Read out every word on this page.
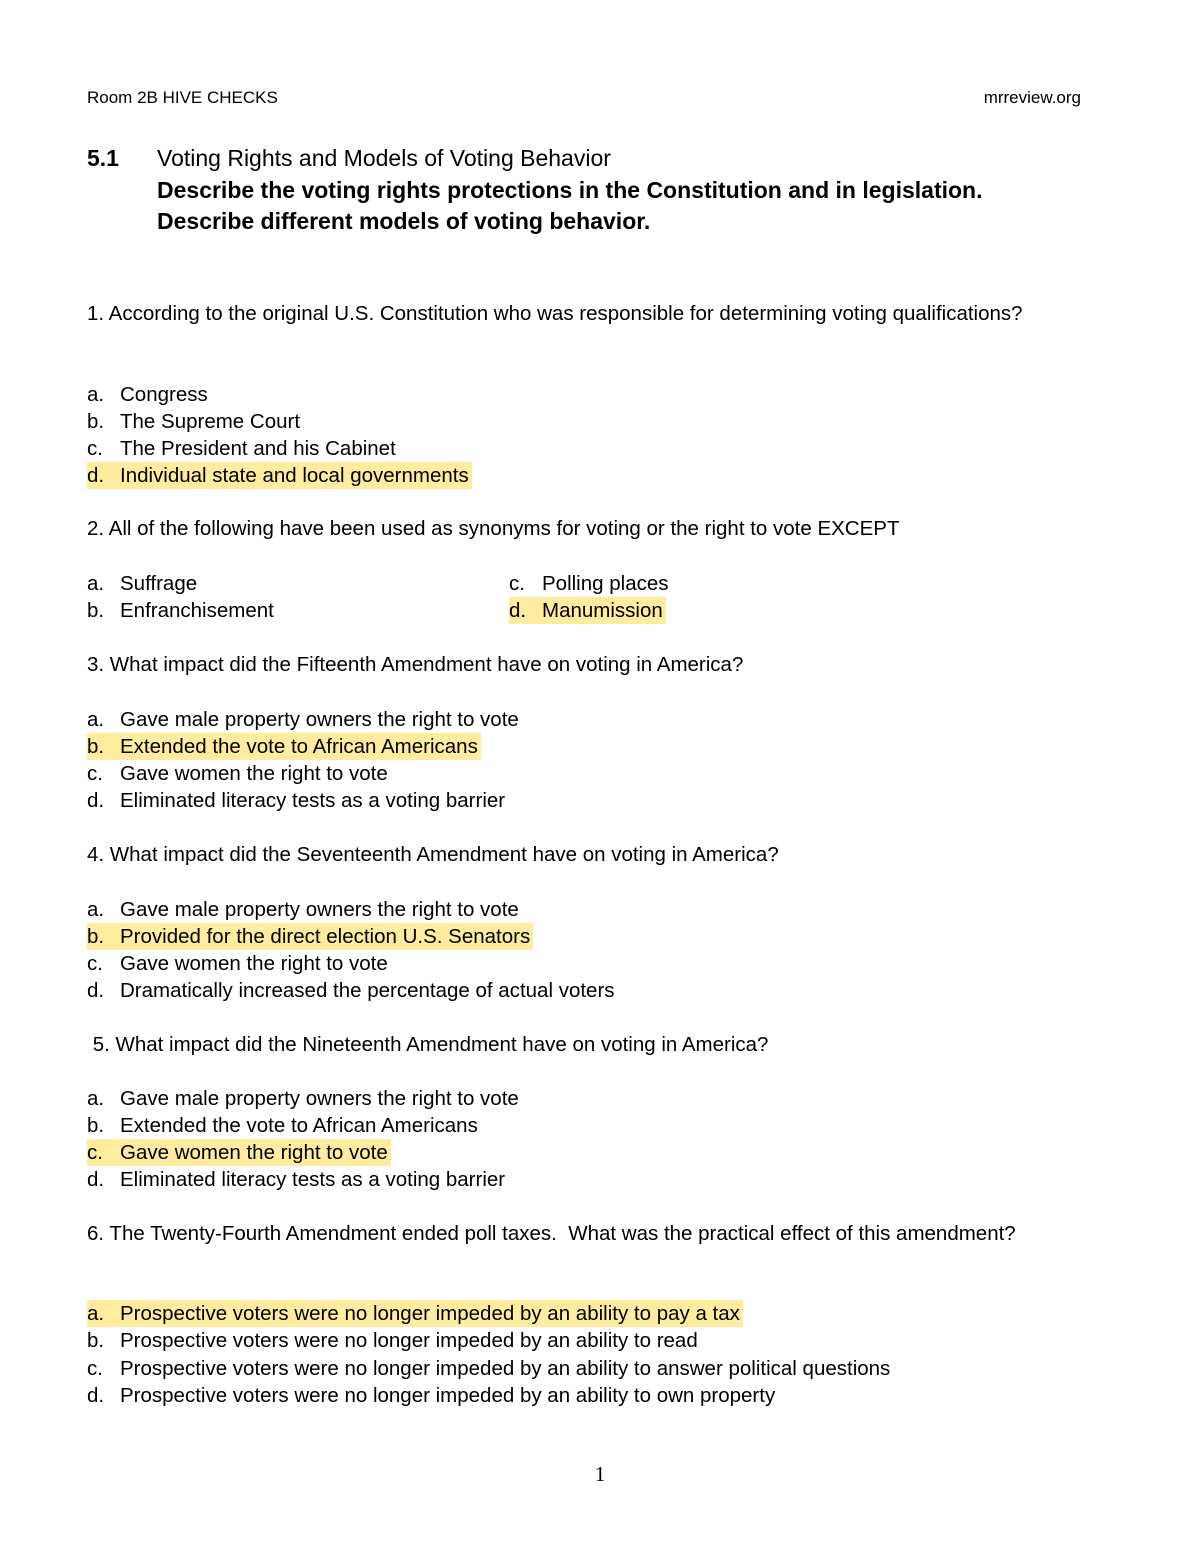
Room 2B HIVE CHECKS	mrreview.org
5.1 Voting Rights and Models of Voting Behavior
Describe the voting rights protections in the Constitution and in legislation.
Describe different models of voting behavior.
1. According to the original U.S. Constitution who was responsible for determining voting qualifications?
a. Congress
b. The Supreme Court
c. The President and his Cabinet
d. Individual state and local governments
2. All of the following have been used as synonyms for voting or the right to vote EXCEPT
a. Suffrage
b. Enfranchisement
c. Polling places
d. Manumission
3. What impact did the Fifteenth Amendment have on voting in America?
a. Gave male property owners the right to vote
b. Extended the vote to African Americans
c. Gave women the right to vote
d. Eliminated literacy tests as a voting barrier
4. What impact did the Seventeenth Amendment have on voting in America?
a. Gave male property owners the right to vote
b. Provided for the direct election U.S. Senators
c. Gave women the right to vote
d. Dramatically increased the percentage of actual voters
5. What impact did the Nineteenth Amendment have on voting in America?
a. Gave male property owners the right to vote
b. Extended the vote to African Americans
c. Gave women the right to vote
d. Eliminated literacy tests as a voting barrier
6. The Twenty-Fourth Amendment ended poll taxes.  What was the practical effect of this amendment?
a. Prospective voters were no longer impeded by an ability to pay a tax
b. Prospective voters were no longer impeded by an ability to read
c. Prospective voters were no longer impeded by an ability to answer political questions
d. Prospective voters were no longer impeded by an ability to own property
1
